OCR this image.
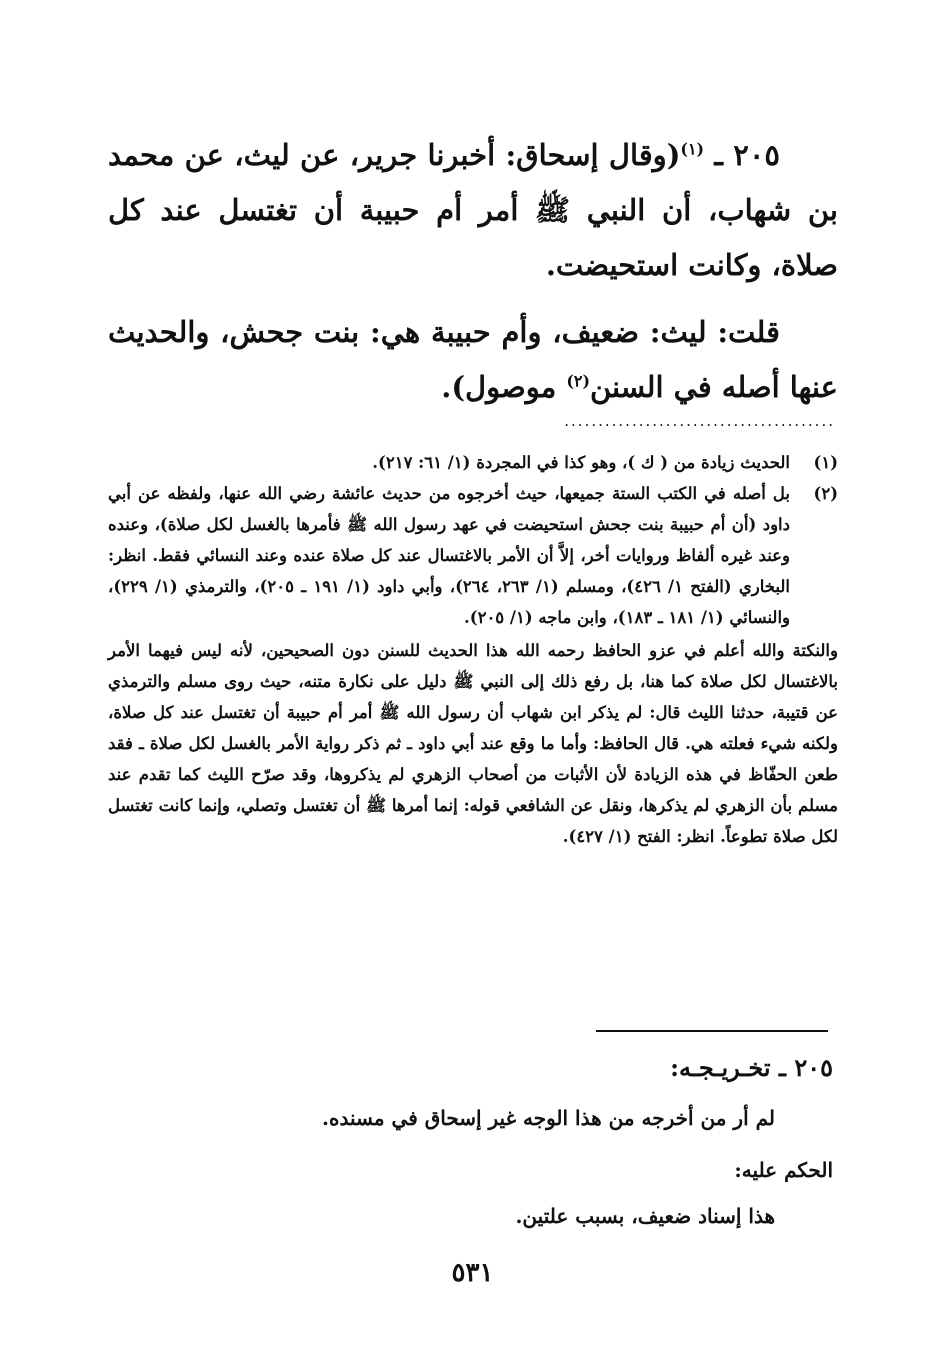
٢٠٥ ـ $^{(١)}$(وقال إسحاق: أخبرنا جرير، عن ليث، عن محمد بن شهاب، أن النبي ﷺ أمر أم حبيبة أن تغتسل عند كل صلاة، وكانت استحيضت.

قلت: ليث: ضعيف، وأم حبيبة هي: بنت جحش، والحديث عنها أصله في السنن$^{(٢)}$ موصول).

........................................
(١)
الحديث زيادة من ( ك )، وهو كذا في المجردة (١/ ٦١: ٢١٧).
(٢)
بل أصله في الكتب الستة جميعها، حيث أخرجوه من حديث عائشة رضي الله عنها، ولفظه عن أبي داود (أن أم حبيبة بنت جحش استحيضت في عهد رسول الله ﷺ فأمرها بالغسل لكل صلاة)، وعنده وعند غيره ألفاظ وروايات أخر، إلاَّ أن الأمر بالاغتسال عند كل صلاة عنده وعند النسائي فقط. انظر: البخاري (الفتح ١/ ٤٢٦)، ومسلم (١/ ٢٦٣، ٢٦٤)، وأبي داود (١/ ١٩١ ـ ٢٠٥)، والترمذي (١/ ٢٢٩)، والنسائي (١/ ١٨١ ـ ١٨٣)، وابن ماجه (١/ ٢٠٥).
والنكتة والله أعلم في عزو الحافظ رحمه الله هذا الحديث للسنن دون الصحيحين، لأنه ليس فيهما الأمر بالاغتسال لكل صلاة كما هنا، بل رفع ذلك إلى النبي ﷺ دليل على نكارة متنه، حيث روى مسلم والترمذي عن قتيبة، حدثنا الليث قال: لم يذكر ابن شهاب أن رسول الله ﷺ أمر أم حبيبة أن تغتسل عند كل صلاة، ولكنه شيء فعلته هي. قال الحافظ: وأما ما وقع عند أبي داود ـ ثم ذكر رواية الأمر بالغسل لكل صلاة ـ فقد طعن الحفّاظ في هذه الزيادة لأن الأثبات من أصحاب الزهري لم يذكروها، وقد صرّح الليث كما تقدم عند مسلم بأن الزهري لم يذكرها، ونقل عن الشافعي قوله: إنما أمرها ﷺ أن تغتسل وتصلي، وإنما كانت تغتسل لكل صلاة تطوعاً. انظر: الفتح (١/ ٤٢٧).
٢٠٥ ـ تخـريـجـه:
لم أر من أخرجه من هذا الوجه غير إسحاق في مسنده.
الحكم عليه:
هذا إسناد ضعيف، بسبب علتين.
٥٣١
